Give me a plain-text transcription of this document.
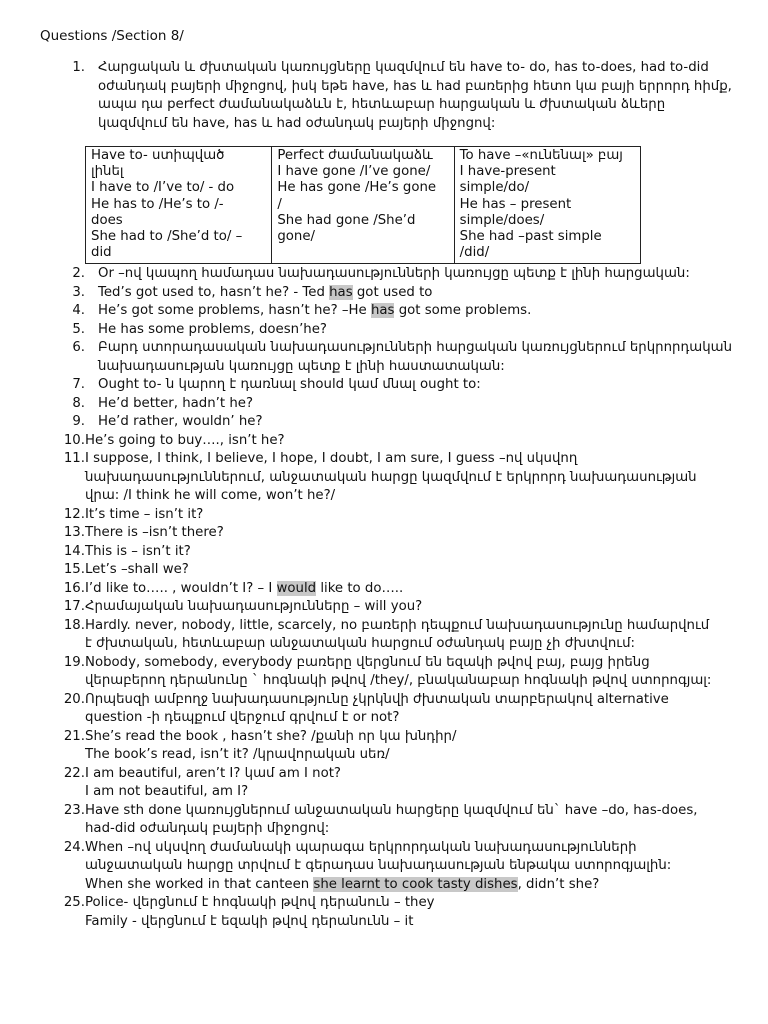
Questions /Section 8/
1. Հարցական և ժխտական կառույցները կազմվում են have to- do, has to-does, had to-did
օժանդակ բայերի միջոցով, իսկ եթե have, has և had բառերից հետո կա բայի երրորդ հիմք,
ապա դա perfect ժամանակաձևն է, հետևաբար հարցական և ժխտական ձևերը
կազմվում են have, has և had օժանդակ բայերի միջոցով:
Have to- ստիպված
լինել
I have to /I’ve to/ - do
He has to /He’s to /-
does
She had to /She’d to/ –
did

Perfect ժամանակաձև
I have gone /I’ve gone/
He has gone /He’s gone
/
She had gone /She’d
gone/

To have –«ունենալ» բայ
I have-present
simple/do/
He has – present
simple/does/
She had –past simple
/did/
2. Or –ով կապող համադաս նախադասությունների կառույցը պետք է լինի հարցական:
3. Ted’s got used to, hasn’t he? - Ted has got used to
4. He’s got some problems, hasn’t he? –He has got some problems.
5. He has some problems, doesn’he?
6. Բարդ ստորադասական նախադասությունների հարցական կառույցներում երկրորդական
նախադասության կառույցը պետք է լինի հաստատական:
7. Ought to- ն կարող է դառնալ should կամ մնալ ought to:
8. He’d better, hadn’t he?
9. He’d rather, wouldn’ he?
10. He’s going to buy…., isn’t he?
11. I suppose, I think, I believe, I hope, I doubt, I am sure, I guess –ով սկսվող
նախադասություններում, անջատական հարցը կազմվում է երկրորդ նախադասության
վրա: /I think he will come, won’t he?/
12. It’s time – isn’t it?
13. There is –isn’t there?
14. This is – isn’t it?
15. Let’s –shall we?
16. I’d like to….. , wouldn’t I? – I would like to do…..
17. Հրամայական նախադասությունները – will you?
18. Hardly. never, nobody, little, scarcely, no բառերի դեպքում նախադասությունը համարվում
է ժխտական, հետևաբար անջատական հարցում օժանդակ բայը չի ժխտվում:
19. Nobody, somebody, everybody բառերը վերցնում են եզակի թվով բայ, բայց իրենց
վերաբերող դերանունը ` հոգնակի թվով /they/, բնականաբար հոգնակի թվով ստորոգյալ:
20. Որպեսզի ամբողջ նախադասությունը չկրկնվի ժխտական տարբերակով alternative
question -ի դեպքում վերջում գրվում է or not?
21. She’s read the book , hasn’t she? /քանի որ կա խնդիր/
The book’s read, isn’t it? /կրավորական սեռ/
22. I am beautiful, aren’t I? կամ am I not?
I am not beautiful, am I?
23. Have sth done կառույցներում անջատական հարցերը կազմվում են` have –do, has-does,
had-did օժանդակ բայերի միջոցով:
24. When –ով սկսվող ժամանակի պարագա երկրորդական նախադասությունների
անջատական հարցը տրվում է գերադաս նախադասության ենթակա ստորոգյալին:
When she worked in that canteen she learnt to cook tasty dishes, didn’t she?
25. Police- վերցնում է հոգնակի թվով դերանուն – they
Family - վերցնում է եզակի թվով դերանունն – it
